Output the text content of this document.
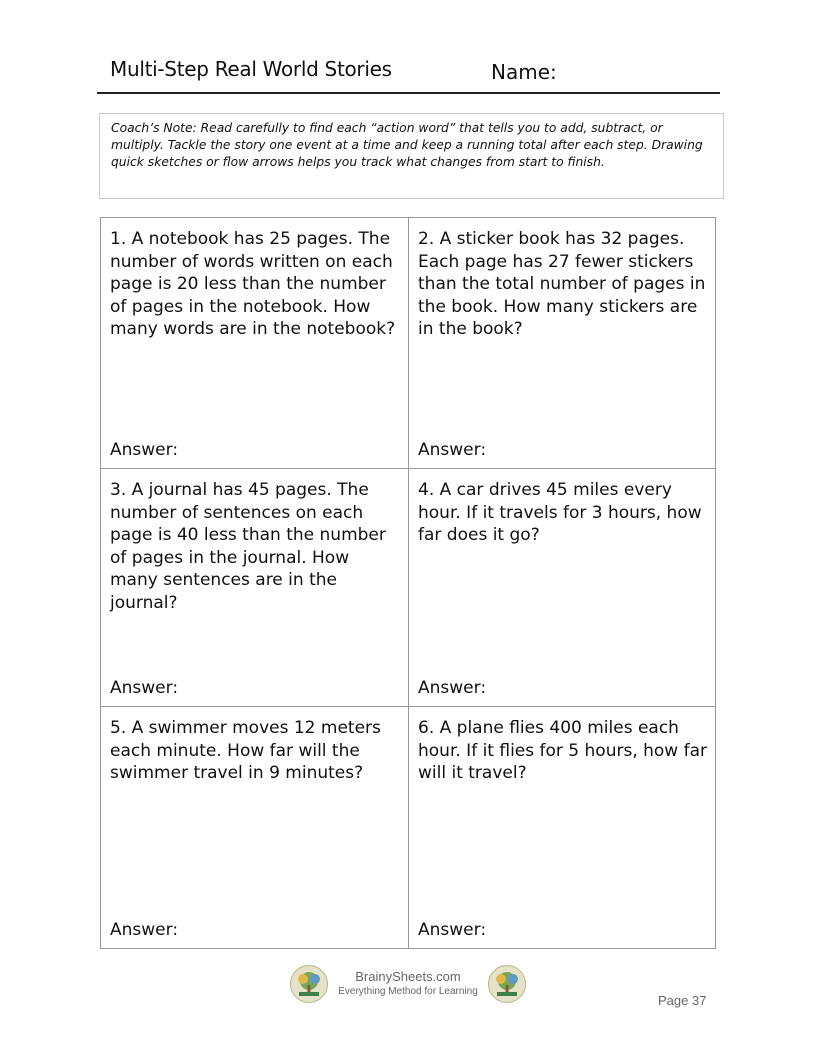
Multi-Step Real World Stories	Name:
Coach’s Note: Read carefully to find each “action word” that tells you to add, subtract, or multiply. Tackle the story one event at a time and keep a running total after each step. Drawing quick sketches or flow arrows helps you track what changes from start to finish.

1. A notebook has 25 pages. The number of words written on each page is 20 less than the number of pages in the notebook. How many words are in the notebook?

Answer:

2. A sticker book has 32 pages. Each page has 27 fewer stickers than the total number of pages in the book. How many stickers are in the book?

Answer:

3. A journal has 45 pages. The number of sentences on each page is 40 less than the number of pages in the journal. How many sentences are in the journal?

Answer:

4. A car drives 45 miles every hour. If it travels for 3 hours, how far does it go?

Answer:

5. A swimmer moves 12 meters each minute. How far will the swimmer travel in 9 minutes?

Answer:

6. A plane flies 400 miles each hour. If it flies for 5 hours, how far will it travel?

Answer:
BrainySheets.com
Everything Method for Learning
Page 37
